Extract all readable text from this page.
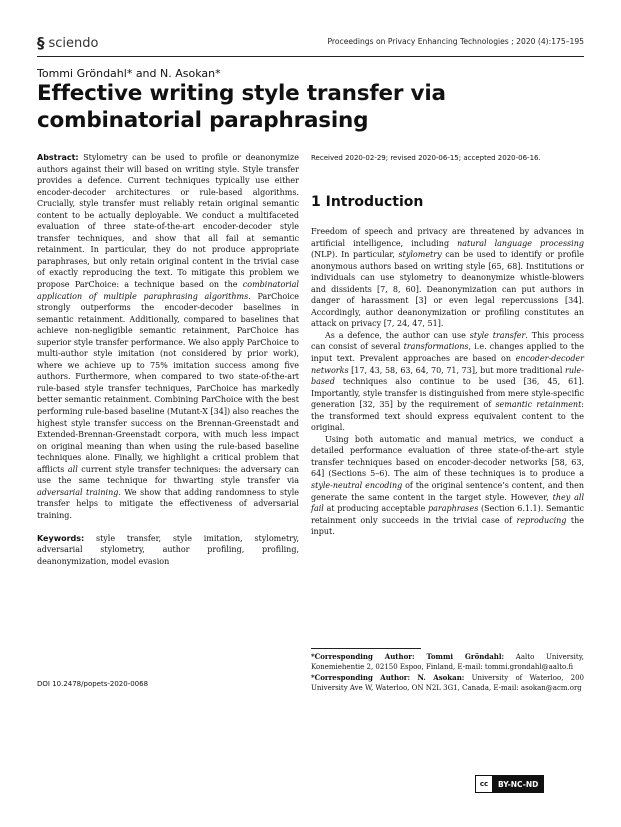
§ sciendo	Proceedings on Privacy Enhancing Technologies ; 2020 (4):175–195
Tommi Gröndahl* and N. Asokan*
Effective writing style transfer via combinatorial paraphrasing

Abstract: Stylometry can be used to profile or deanonymize authors against their will based on writing style. Style transfer provides a defence. Current techniques typically use either encoder-decoder architectures or rule-based algorithms. Crucially, style transfer must reliably retain original semantic content to be actually deployable. We conduct a multifaceted evaluation of three state-of-the-art encoder-decoder style transfer techniques, and show that all fail at semantic retainment. In particular, they do not produce appropriate paraphrases, but only retain original content in the trivial case of exactly reproducing the text. To mitigate this problem we propose ParChoice: a technique based on the combinatorial application of multiple paraphrasing algorithms. ParChoice strongly outperforms the encoder-decoder baselines in semantic retainment. Additionally, compared to baselines that achieve non-negligible semantic retainment, ParChoice has superior style transfer performance. We also apply ParChoice to multi-author style imitation (not considered by prior work), where we achieve up to 75% imitation success among five authors. Furthermore, when compared to two state-of-the-art rule-based style transfer techniques, ParChoice has markedly better semantic retainment. Combining ParChoice with the best performing rule-based baseline (Mutant-X [34]) also reaches the highest style transfer success on the Brennan-Greenstadt and Extended-Brennan-Greenstadt corpora, with much less impact on original meaning than when using the rule-based baseline techniques alone. Finally, we highlight a critical problem that afflicts all current style transfer techniques: the adversary can use the same technique for thwarting style transfer via adversarial training. We show that adding randomness to style transfer helps to mitigate the effectiveness of adversarial training.

Keywords: style transfer, style imitation, stylometry, adversarial stylometry, author profiling, profiling, deanonymization, model evasion

DOI 10.2478/popets-2020-0068
Received 2020-02-29; revised 2020-06-15; accepted 2020-06-16.
1 Introduction

Freedom of speech and privacy are threatened by advances in artificial intelligence, including natural language processing (NLP). In particular, stylometry can be used to identify or profile anonymous authors based on writing style [65, 68]. Institutions or individuals can use stylometry to deanonymize whistle-blowers and dissidents [7, 8, 60]. Deanonymization can put authors in danger of harassment [3] or even legal repercussions [34]. Accordingly, author deanonymization or profiling constitutes an attack on privacy [7, 24, 47, 51].

As a defence, the author can use style transfer. This process can consist of several transformations, i.e. changes applied to the input text. Prevalent approaches are based on encoder-decoder networks [17, 43, 58, 63, 64, 70, 71, 73], but more traditional rule-based techniques also continue to be used [36, 45, 61]. Importantly, style transfer is distinguished from mere style-specific generation [32, 35] by the requirement of semantic retainment: the transformed text should express equivalent content to the original.

Using both automatic and manual metrics, we conduct a detailed performance evaluation of three state-of-the-art style transfer techniques based on encoder-decoder networks [58, 63, 64] (Sections 5–6). The aim of these techniques is to produce a style-neutral encoding of the original sentence’s content, and then generate the same content in the target style. However, they all fail at producing acceptable paraphrases (Section 6.1.1). Semantic retainment only succeeds in the trivial case of reproducing the input.

*Corresponding Author: Tommi Gröndahl: Aalto University, Konemiehentie 2, 02150 Espoo, Finland, E-mail: tommi.grondahl@aalto.fi

*Corresponding Author: N. Asokan: University of Waterloo, 200 University Ave W, Waterloo, ON N2L 3G1, Canada, E-mail: asokan@acm.org

cc	BY-NC-ND
